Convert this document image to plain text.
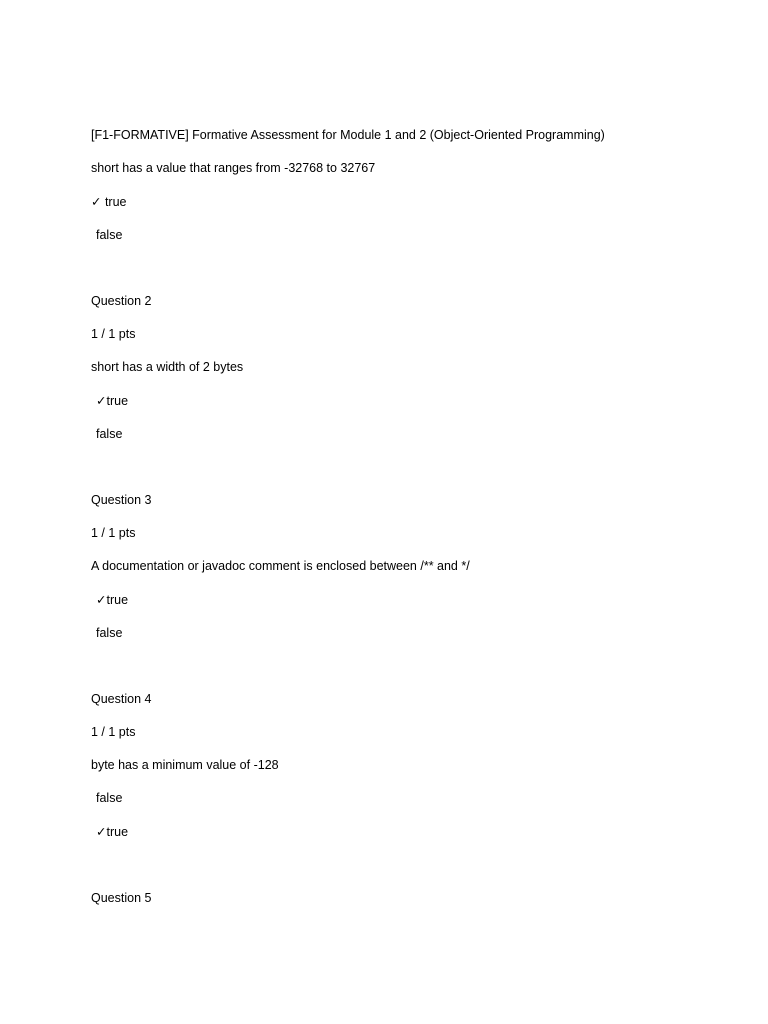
[F1-FORMATIVE] Formative Assessment for Module 1 and 2 (Object-Oriented Programming)
short has a value that ranges from -32768 to 32767
✓ true
false
Question 2
1 / 1 pts
short has a width of 2 bytes
✓true
false
Question 3
1 / 1 pts
A documentation or javadoc comment is enclosed between /** and */
✓true
false
Question 4
1 / 1 pts
byte has a minimum value of -128
false
✓true
Question 5
